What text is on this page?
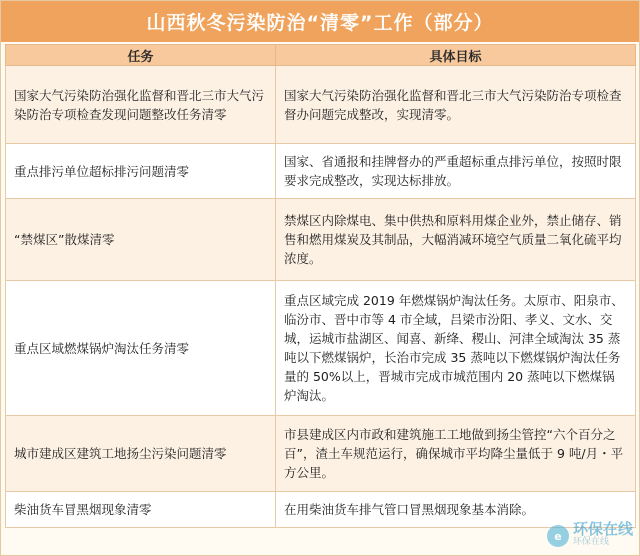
山西秋冬污染防治“清零”工作（部分）
任务	具体目标
国家大气污染防治强化监督和晋北三市大气污染防治专项检查发现问题整改任务清零	国家大气污染防治强化监督和晋北三市大气污染防治专项检查督办问题完成整改，实现清零。
重点排污单位超标排污问题清零	国家、省通报和挂牌督办的严重超标重点排污单位，按照时限要求完成整改，实现达标排放。
“禁煤区”散煤清零	禁煤区内除煤电、集中供热和原料用煤企业外，禁止储存、销售和燃用煤炭及其制品，大幅消减环境空气质量二氧化硫平均浓度。
重点区域燃煤锅炉淘汰任务清零	重点区域完成 2019 年燃煤锅炉淘汰任务。太原市、阳泉市、临汾市、晋中市等 4 市全域，吕梁市汾阳、孝义、文水、交城，运城市盐湖区、闻喜、新绛、稷山、河津全域淘汰 35 蒸吨以下燃煤锅炉，长治市完成 35 蒸吨以下燃煤锅炉淘汰任务量的 50%以上，晋城市完成市城范围内 20 蒸吨以下燃煤锅炉淘汰。
城市建成区建筑工地扬尘污染问题清零	市县建成区内市政和建筑施工工地做到扬尘管控“六个百分之百”，渣土车规范运行，确保城市平均降尘量低于 9 吨/月・平方公里。
柴油货车冒黑烟现象清零	在用柴油货车排气管口冒黑烟现象基本消除。
e 环保在线
环保在线
